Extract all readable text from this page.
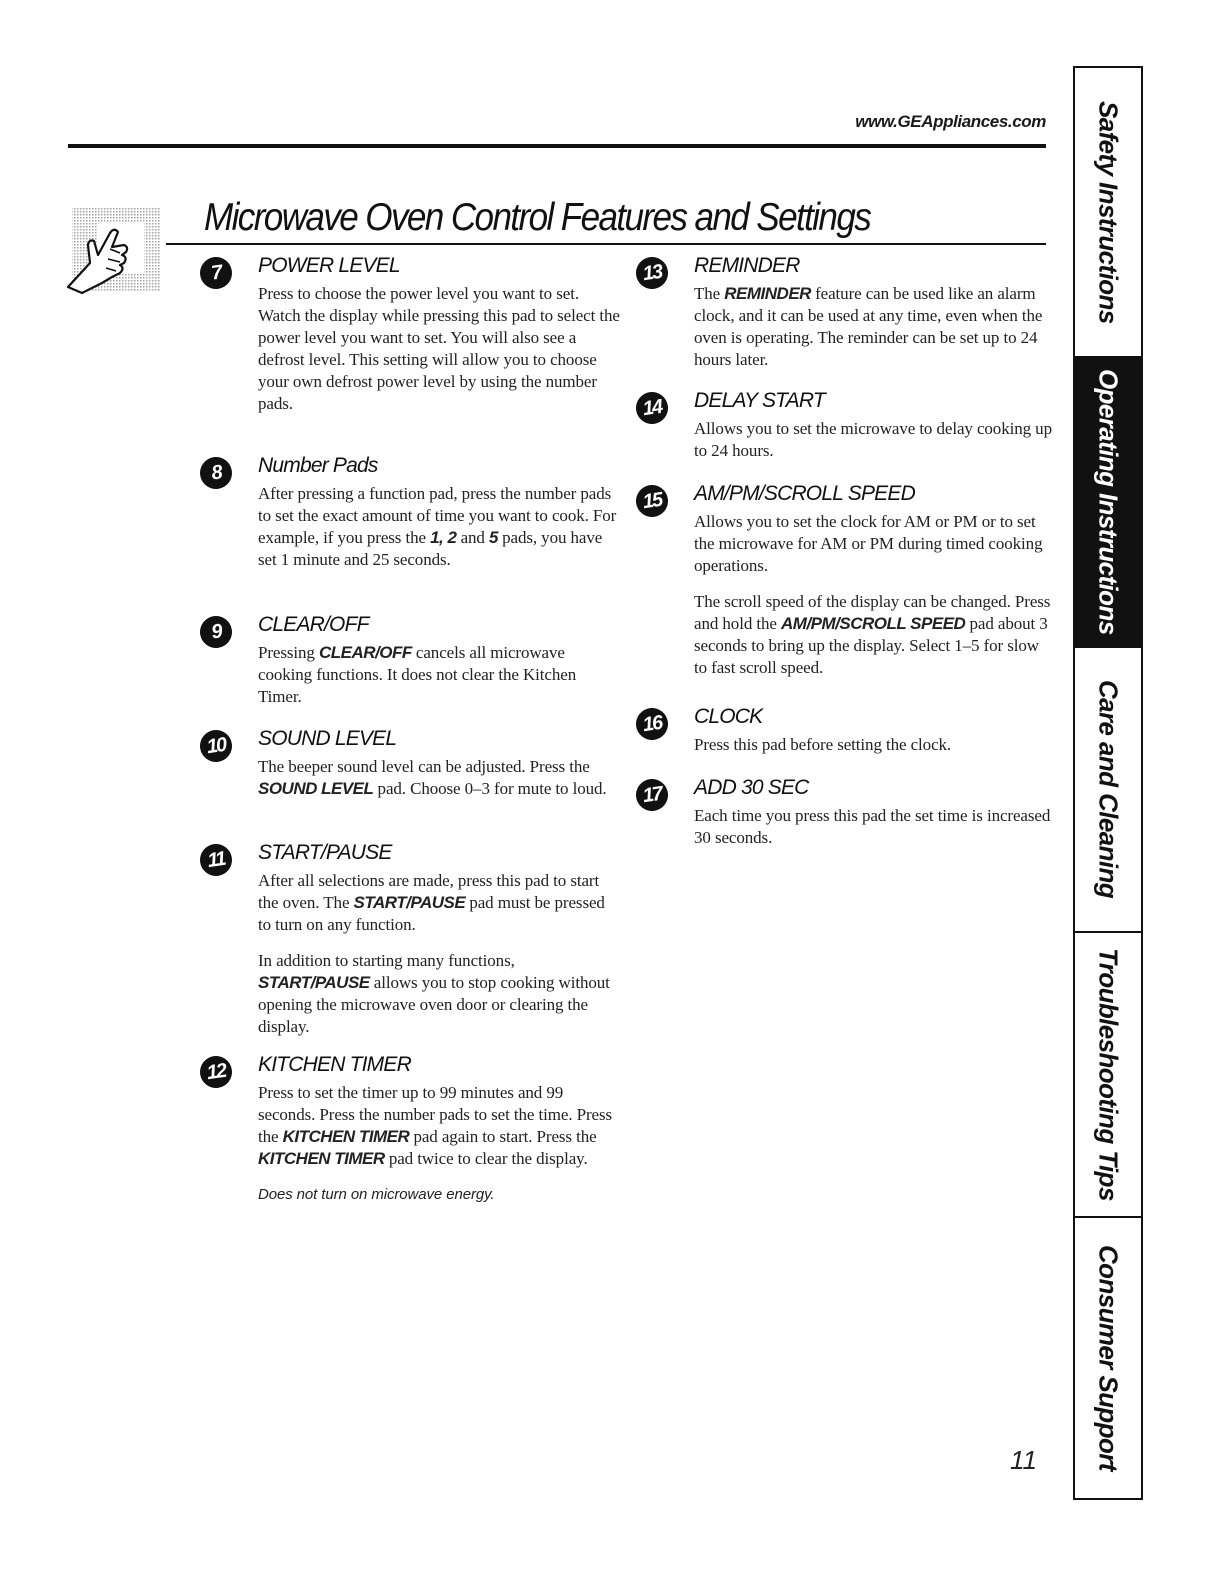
www.GEAppliances.com
Microwave Oven Control Features and Settings
7	POWER LEVEL

Press to choose the power level you want to set. Watch the display while pressing this pad to select the power level you want to set. You will also see a defrost level. This setting will allow you to choose your own defrost power level by using the number pads.

8	Number Pads

After pressing a function pad, press the number pads to set the exact amount of time you want to cook. For example, if you press the 1, 2 and 5 pads, you have set 1 minute and 25 seconds.

9	CLEAR/OFF

Pressing CLEAR/OFF cancels all microwave cooking functions. It does not clear the Kitchen Timer.

10	SOUND LEVEL

The beeper sound level can be adjusted. Press the SOUND LEVEL pad. Choose 0–3 for mute to loud.

11	START/PAUSE

After all selections are made, press this pad to start the oven. The START/PAUSE pad must be pressed to turn on any function.

In addition to starting many functions, START/PAUSE allows you to stop cooking without opening the microwave oven door or clearing the display.

12	KITCHEN TIMER

Press to set the timer up to 99 minutes and 99 seconds. Press the number pads to set the time. Press the KITCHEN TIMER pad again to start. Press the KITCHEN TIMER pad twice to clear the display.

Does not turn on microwave energy.

13	REMINDER

The REMINDER feature can be used like an alarm clock, and it can be used at any time, even when the oven is operating. The reminder can be set up to 24 hours later.

14	DELAY START

Allows you to set the microwave to delay cooking up to 24 hours.

15	AM/PM/SCROLL SPEED

Allows you to set the clock for AM or PM or to set the microwave for AM or PM during timed cooking operations.

The scroll speed of the display can be changed. Press and hold the AM/PM/SCROLL SPEED pad about 3 seconds to bring up the display. Select 1–5 for slow to fast scroll speed.

16	CLOCK

Press this pad before setting the clock.

17	ADD 30 SEC

Each time you press this pad the set time is increased 30 seconds.

Safety Instructions
Operating Instructions
Care and Cleaning
Troubleshooting Tips
Consumer Support
11
